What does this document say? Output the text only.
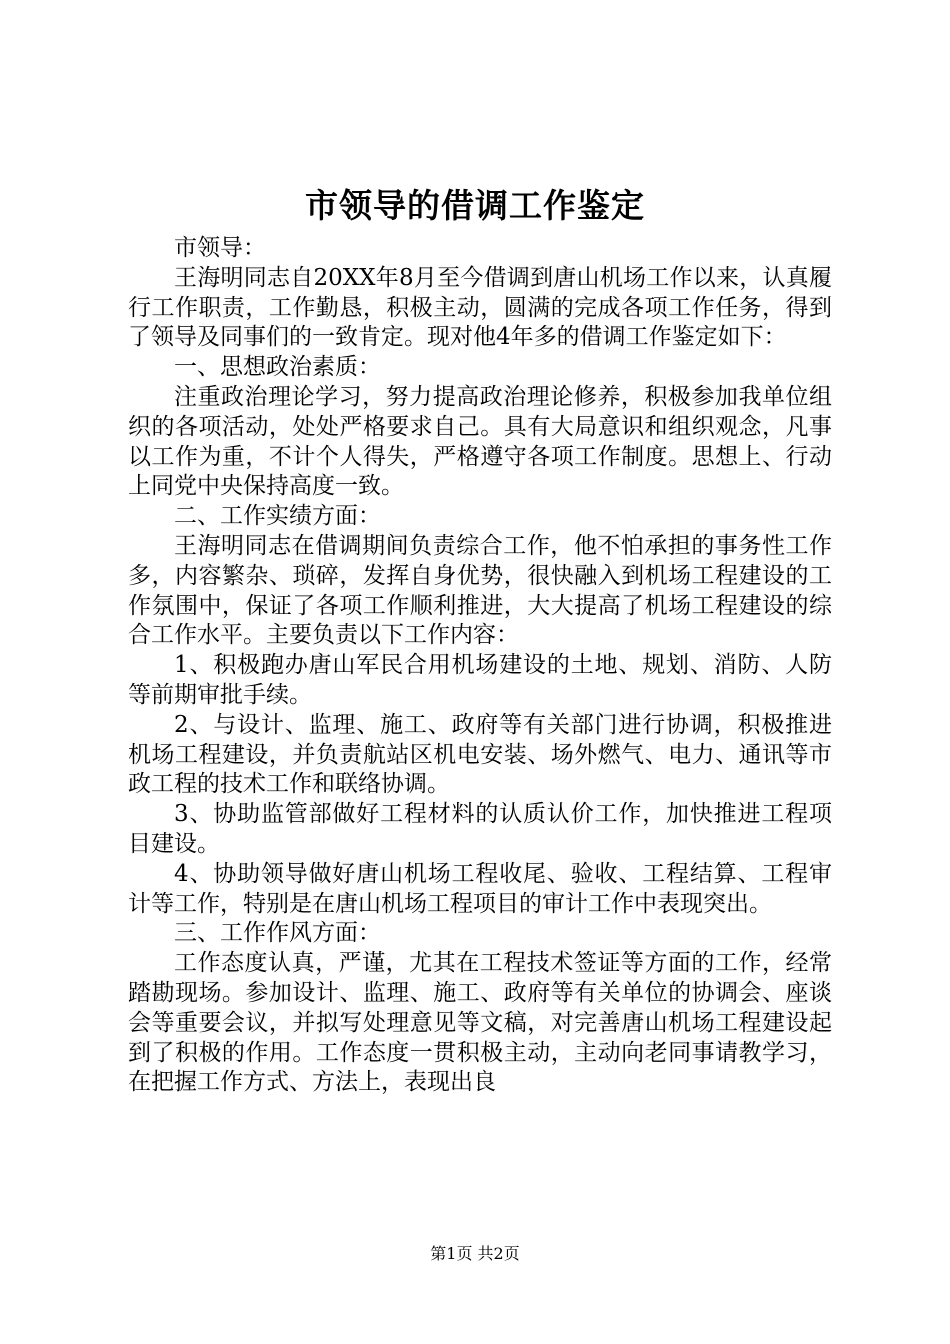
市领导的借调工作鉴定

市领导：

王海明同志自20XX年8月至今借调到唐山机场工作以来，认真履行工作职责，工作勤恳，积极主动，圆满的完成各项工作任务，得到了领导及同事们的一致肯定。现对他4年多的借调工作鉴定如下：

一、思想政治素质：

注重政治理论学习，努力提高政治理论修养，积极参加我单位组织的各项活动，处处严格要求自己。具有大局意识和组织观念，凡事以工作为重，不计个人得失，严格遵守各项工作制度。思想上、行动上同党中央保持高度一致。

二、工作实绩方面：

王海明同志在借调期间负责综合工作，他不怕承担的事务性工作多，内容繁杂、琐碎，发挥自身优势，很快融入到机场工程建设的工作氛围中，保证了各项工作顺利推进，大大提高了机场工程建设的综合工作水平。主要负责以下工作内容：

1、积极跑办唐山军民合用机场建设的土地、规划、消防、人防等前期审批手续。

2、与设计、监理、施工、政府等有关部门进行协调，积极推进机场工程建设，并负责航站区机电安装、场外燃气、电力、通讯等市政工程的技术工作和联络协调。

3、协助监管部做好工程材料的认质认价工作，加快推进工程项目建设。

4、协助领导做好唐山机场工程收尾、验收、工程结算、工程审计等工作，特别是在唐山机场工程项目的审计工作中表现突出。

三、工作作风方面：

工作态度认真，严谨，尤其在工程技术签证等方面的工作，经常踏勘现场。参加设计、监理、施工、政府等有关单位的协调会、座谈会等重要会议，并拟写处理意见等文稿，对完善唐山机场工程建设起到了积极的作用。工作态度一贯积极主动，主动向老同事请教学习，在把握工作方式、方法上，表现出良

第1页 共2页
